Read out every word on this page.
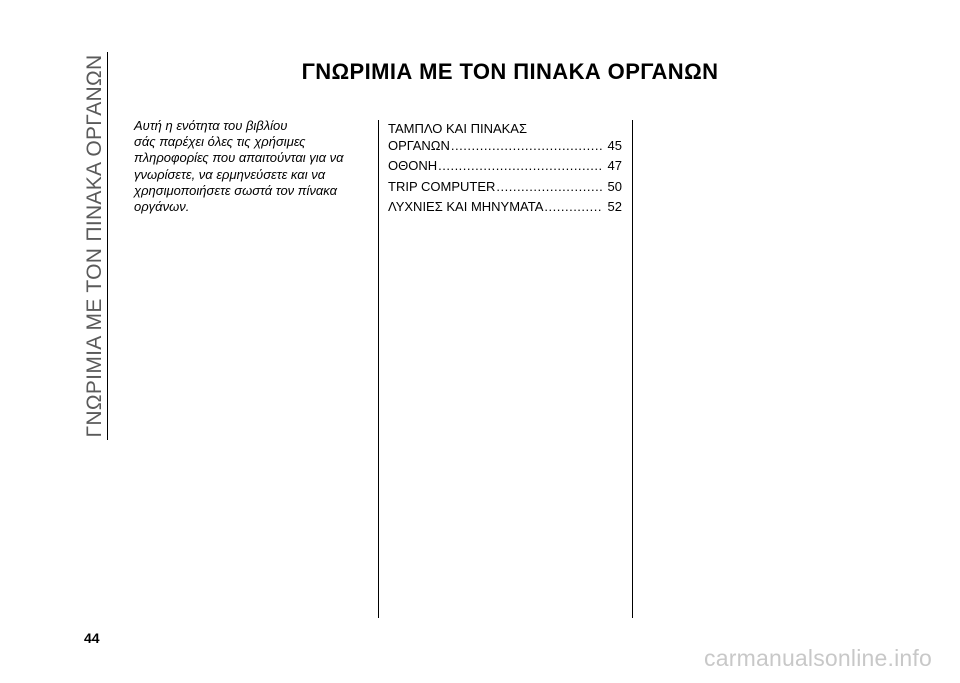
ΓΝΩΡΙΜΙΑ ΜΕ ΤΟΝ ΠΙΝΑΚΑ ΟΡΓΑΝΩΝ	ΓΝΩΡΙΜΙΑ ΜΕ ΤΟΝ ΠΙΝΑΚΑ ΟΡΓΑΝΩΝ
Αυτή η ενότητα του βιβλίου
σάς παρέχει όλες τις χρήσιμες
πληροφορίες που απαιτούνται για να
γνωρίσετε, να ερμηνεύσετε και να
χρησιμοποιήσετε σωστά τον πίνακα
οργάνων.
ΤΑΜΠΛΟ ΚΑΙ ΠΙΝΑΚΑΣ
ΟΡΓΑΝΩΝ .....	45
ΟΘΟΝΗ .....	47
TRIP COMPUTER .....	50
ΛΥΧΝΙΕΣ ΚΑΙ ΜΗΝΥΜΑΤΑ .....	52
44
carmanualsonline.info
